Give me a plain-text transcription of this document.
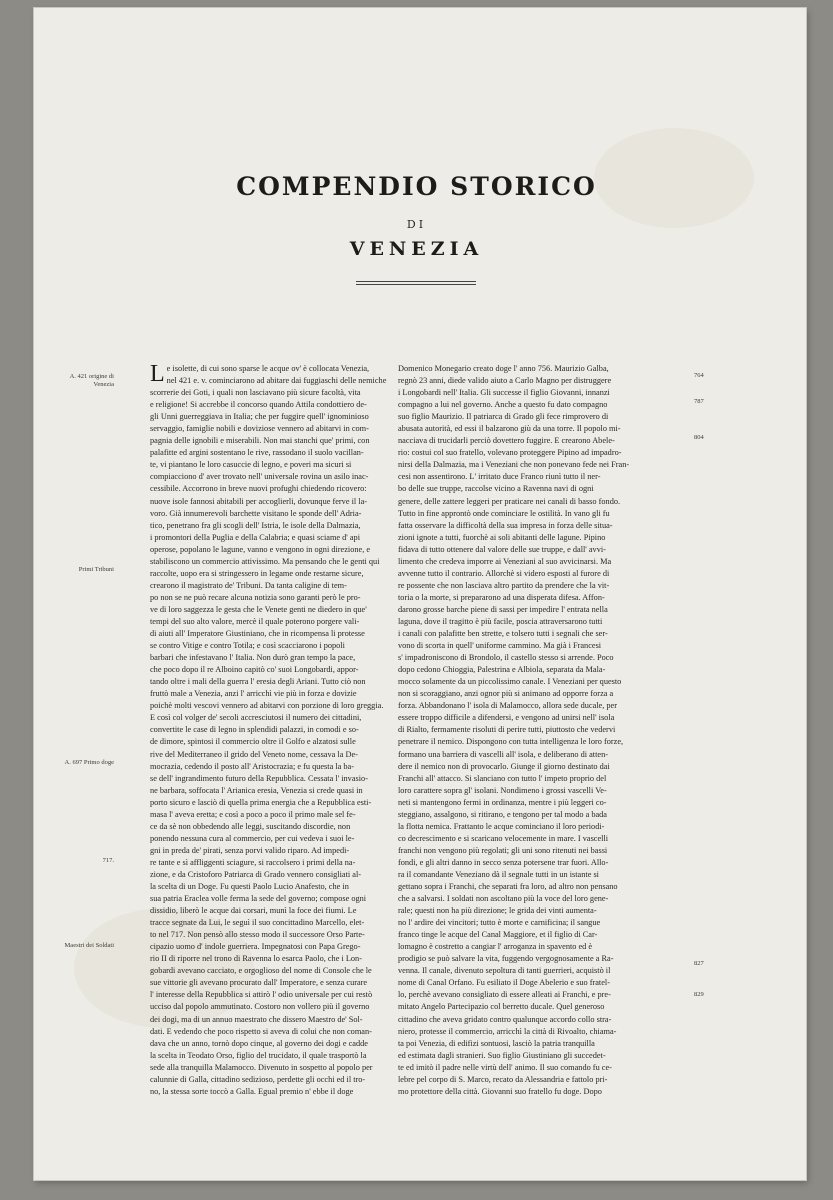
COMPENDIO STORICO
DI
VENEZIA
A. 421 origine di Venezia
Primi Tribuni
A. 697 Primo doge
717.
Maestri dei Soldati
764
787
804
827
829
L e isolette, di cui sono sparse le acque ov' è collocata Venezia,
nel 421 e. v. cominciarono ad abitare dai fuggiaschi delle nemiche
scorrerie dei Goti, i quali non lasciavano più sicure facoltà, vita
e religione! Si accrebbe il concorso quando Attila condottiero de-
gli Unni guerreggiava in Italia; che per fuggire quell' ignominioso
servaggio, famiglie nobili e doviziose vennero ad abitarvi in com-
pagnia delle ignobili e miserabili. Non mai stanchi que' primi, con
palafitte ed argini sostentano le rive, rassodano il suolo vacillan-
te, vi piantano le loro casuccie di legno, e poveri ma sicuri si
compiacciono d' aver trovato nell' universale rovina un asilo inac-
cessibile. Accorrono in breve nuovi profughi chiedendo ricovero:
nuove isole fannosi abitabili per accoglierli, dovunque ferve il la-
voro. Già innumerevoli barchette visitano le sponde dell' Adria-
tico, penetrano fra gli scogli dell' Istria, le isole della Dalmazia,
i promontori della Puglia e della Calabria; e quasi sciame d' api
operose, popolano le lagune, vanno e vengono in ogni direzione, e
stabiliscono un commercio attivissimo. Ma pensando che le genti qui
raccolte, uopo era si stringessero in legame onde restarne sicure,
crearono il magistrato de' Tribuni. Da tanta caligine di tem-
po non se ne può recare alcuna notizia sono garanti però le pro-
ve di loro saggezza le gesta che le Venete genti ne diedero in que'
tempi del suo alto valore, mercè il quale poterono porgere vali-
di aiuti all' Imperatore Giustiniano, che in ricompensa li protesse
se contro Vitige e contro Totila; e così scacciarono i popoli
barbari che infestavano l' Italia. Non durò gran tempo la pace,
che poco dopo il re Alboino capitò co' suoi Longobardi, appor-
tando oltre i mali della guerra l' eresia degli Ariani. Tutto ciò non
fruttò male a Venezia, anzi l' arricchì vie più in forza e dovizie
poichè molti vescovi vennero ad abitarvi con porzione di loro greggia.
E così col volger de' secoli accresciutosi il numero dei cittadini,
convertite le case di legno in splendidi palazzi, in comodi e so-
de dimore, spintosi il commercio oltre il Golfo e alzatosi sulle
rive del Mediterraneo il grido del Veneto nome, cessava la De-
mocrazia, cedendo il posto all' Aristocrazia; e fu questa la ba-
se dell' ingrandimento futuro della Repubblica. Cessata l' invasio-
ne barbara, soffocata l' Arianica eresia, Venezia si crede quasi in
porto sicuro e lasciò di quella prima energia che a Repubblica esti-
masa l' aveva eretta; e così a poco a poco il primo male sel fe-
ce da sè non obbedendo alle leggi, suscitando discordie, non
ponendo nessuna cura al commercio, per cui vedeva i suoi le-
gni in preda de' pirati, senza porvi valido riparo. Ad impedi-
re tante e sì affliggenti sciagure, si raccolsero i primi della na-
zione, e da Cristoforo Patriarca di Grado vennero consigliati al-
la scelta di un Doge. Fu questi Paolo Lucio Anafesto, che in
sua patria Eraclea volle ferma la sede del governo; compose ogni
dissidio, liberò le acque dai corsari, munì la foce dei fiumi. Le
tracce segnate da Lui, le seguì il suo concittadino Marcello, elet-
to nel 717. Non pensò allo stesso modo il successore Orso Parte-
cipazio uomo d' indole guerriera. Impegnatosi con Papa Grego-
rio II di riporre nel trono di Ravenna lo esarca Paolo, che i Lon-
gobardi avevano cacciato, e orgoglioso del nome di Console che le
sue vittorie gli avevano procurato dall' Imperatore, e senza curare
l' interesse della Repubblica si attirò l' odio universale per cui restò
ucciso dal popolo ammutinato. Costoro non vollero più il governo
dei dogi, ma di un annuo maestrato che dissero Maestro de' Sol-
dati. E vedendo che poco rispetto si aveva di colui che non coman-
dava che un anno, tornò dopo cinque, al governo dei dogi e cadde
la scelta in Teodato Orso, figlio del trucidato, il quale trasportò la
sede alla tranquilla Malamocco. Divenuto in sospetto al popolo per
calunnie di Galla, cittadino sedizioso, perdette gli occhi ed il tro-
no, la stessa sorte toccò a Galla. Egual premio n' ebbe il doge
Domenico Monegario creato doge l' anno 756. Maurizio Galba,
regnò 23 anni, diede valido aiuto a Carlo Magno per distruggere
i Longobardi nell' Italia. Gli successe il figlio Giovanni, innanzi
compagno a lui nel governo. Anche a questo fu dato compagno
suo figlio Maurizio. Il patriarca di Grado gli fece rimprovero di
abusata autorità, ed essi il balzarono giù da una torre. Il popolo mi-
nacciava di trucidarli perciò dovettero fuggire. E crearono Abele-
rio: costui col suo fratello, volevano proteggere Pipino ad impadro-
nirsi della Dalmazia, ma i Veneziani che non ponevano fede nei Fran-
cesi non assentirono. L' irritato duce Franco riunì tutto il ner-
bo delle sue truppe, raccolse vicino a Ravenna navi di ogni
genere, delle zattere leggeri per praticare nei canali di basso fondo.
Tutto in fine approntò onde cominciare le ostilità. In vano gli fu
fatta osservare la difficoltà della sua impresa in forza delle situa-
zioni ignote a tutti, fuorchè ai soli abitanti delle lagune. Pipino
fidava di tutto ottenere dal valore delle sue truppe, e dall' avvi-
limento che credeva imporre ai Veneziani al suo avvicinarsi. Ma
avvenne tutto il contrario. Allorchè si videro esposti al furore di
re possente che non lasciava altro partito da prendere che la vit-
toria o la morte, si prepararono ad una disperata difesa. Affon-
darono grosse barche piene di sassi per impedire l' entrata nella
laguna, dove il tragitto è più facile, poscia attraversarono tutti
i canali con palafitte ben strette, e tolsero tutti i segnali che ser-
vono di scorta in quell' uniforme cammino. Ma già i Francesi
s' impadroniscono di Brondolo, il castello stesso si arrende. Poco
dopo cedono Chioggia, Palestrina e Albiola, separata da Mala-
mocco solamente da un piccolissimo canale. I Veneziani per questo
non si scoraggiano, anzi ognor più si animano ad opporre forza a
forza. Abbandonano l' isola di Malamocco, allora sede ducale, per
essere troppo difficile a difendersi, e vengono ad unirsi nell' isola
di Rialto, fermamente risoluti di perire tutti, piuttosto che vedervi
penetrare il nemico. Dispongono con tutta intelligenza le loro forze,
formano una barriera di vascelli all' isola, e deliberano di atten-
dere il nemico non di provocarlo. Giunge il giorno destinato dai
Franchi all' attacco. Si slanciano con tutto l' impeto proprio del
loro carattere sopra gl' isolani. Nondimeno i grossi vascelli Ve-
neti si mantengono fermi in ordinanza, mentre i più leggeri co-
steggiano, assalgono, si ritirano, e tengono per tal modo a bada
la flotta nemica. Frattanto le acque cominciano il loro periodi-
co decrescimento e si scaricano velocemente in mare. I vascelli
franchi non vengono più regolati; gli uni sono ritenuti nei bassi
fondi, e gli altri danno in secco senza potersene trar fuori. Allo-
ra il comandante Veneziano dà il segnale tutti in un istante si
gettano sopra i Franchi, che separati fra loro, ad altro non pensano
che a salvarsi. I soldati non ascoltano più la voce del loro gene-
rale; questi non ha più direzione; le grida dei vinti aumenta-
no l' ardire dei vincitori; tutto è morte e carnificina; il sangue
franco tinge le acque del Canal Maggiore, et il figlio di Car-
lomagno è costretto a cangiar l' arroganza in spavento ed è
prodigio se può salvare la vita, fuggendo vergognosamente a Ra-
venna. Il canale, divenuto sepoltura di tanti guerrieri, acquistò il
nome di Canal Orfano. Fu esiliato il Doge Abelerio e suo fratel-
lo, perchè avevano consigliato di essere alleati ai Franchi, e pre-
mitato Angelo Partecipazio col berretto ducale. Quel generoso
cittadino che aveva gridato contro qualunque accordo collo stra-
niero, protesse il commercio, arricchì la città di Rivoalto, chiama-
ta poi Venezia, di edifizi sontuosi, lasciò la patria tranquilla
ed estimata dagli stranieri. Suo figlio Giustiniano gli succedet-
te ed imitò il padre nelle virtù dell' animo. Il suo comando fu ce-
lebre pel corpo di S. Marco, recato da Alessandria e fattolo pri-
mo protettore della città. Giovanni suo fratello fu doge. Dopo
